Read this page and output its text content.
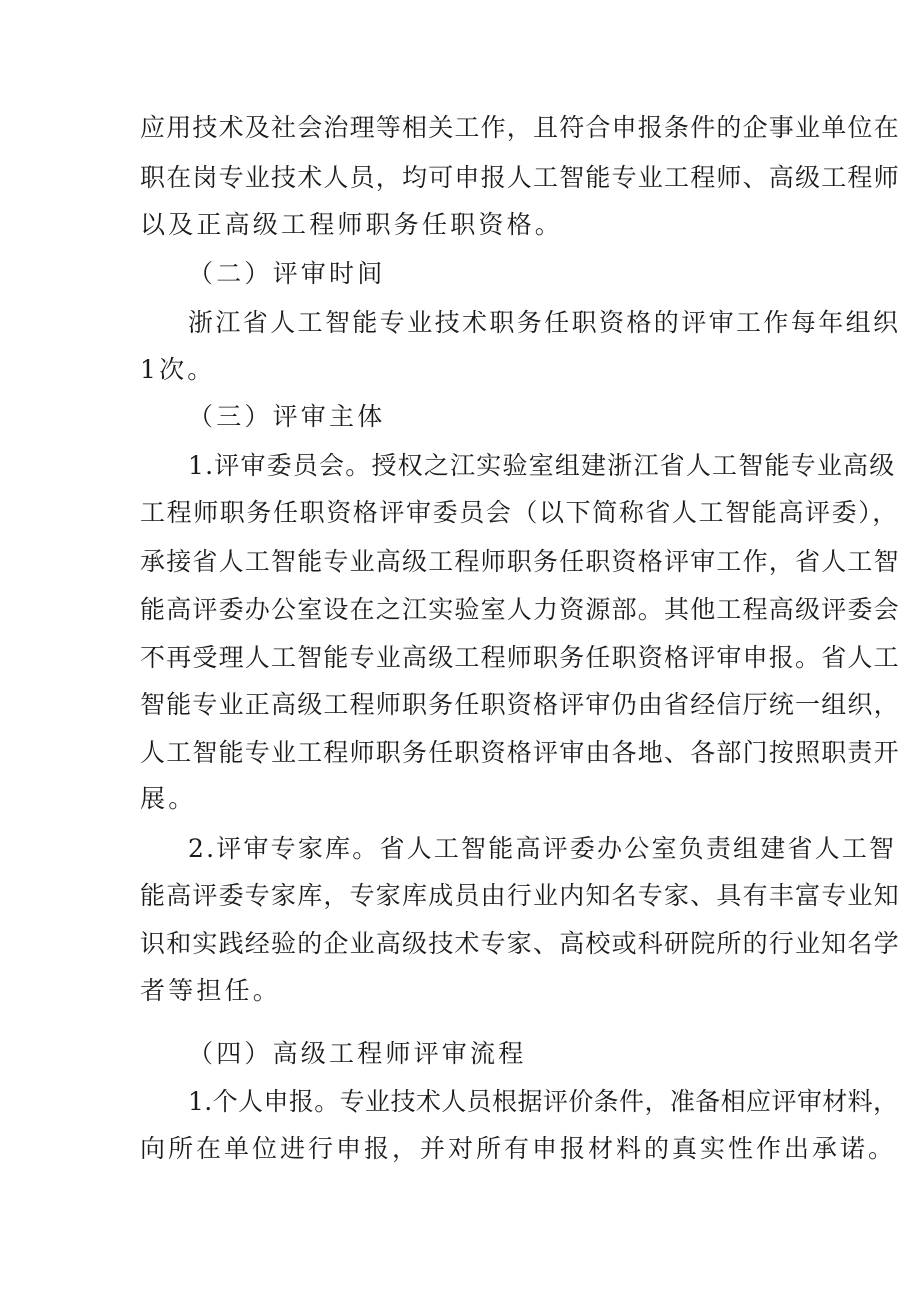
应用技术及社会治理等相关工作，且符合申报条件的企事业单位在
职在岗专业技术人员，均可申报人工智能专业工程师、高级工程师
以及正高级工程师职务任职资格。
（二）评审时间
浙江省人工智能专业技术职务任职资格的评审工作每年组织
1次。
（三）评审主体
1.评审委员会。授权之江实验室组建浙江省人工智能专业高级
工程师职务任职资格评审委员会（以下简称省人工智能高评委），
承接省人工智能专业高级工程师职务任职资格评审工作，省人工智
能高评委办公室设在之江实验室人力资源部。其他工程高级评委会
不再受理人工智能专业高级工程师职务任职资格评审申报。省人工
智能专业正高级工程师职务任职资格评审仍由省经信厅统一组织，
人工智能专业工程师职务任职资格评审由各地、各部门按照职责开
展。
2.评审专家库。省人工智能高评委办公室负责组建省人工智
能高评委专家库，专家库成员由行业内知名专家、具有丰富专业知
识和实践经验的企业高级技术专家、高校或科研院所的行业知名学
者等担任。
（四）高级工程师评审流程
1.个人申报。专业技术人员根据评价条件，准备相应评审材料，
向所在单位进行申报，并对所有申报材料的真实性作出承诺。
